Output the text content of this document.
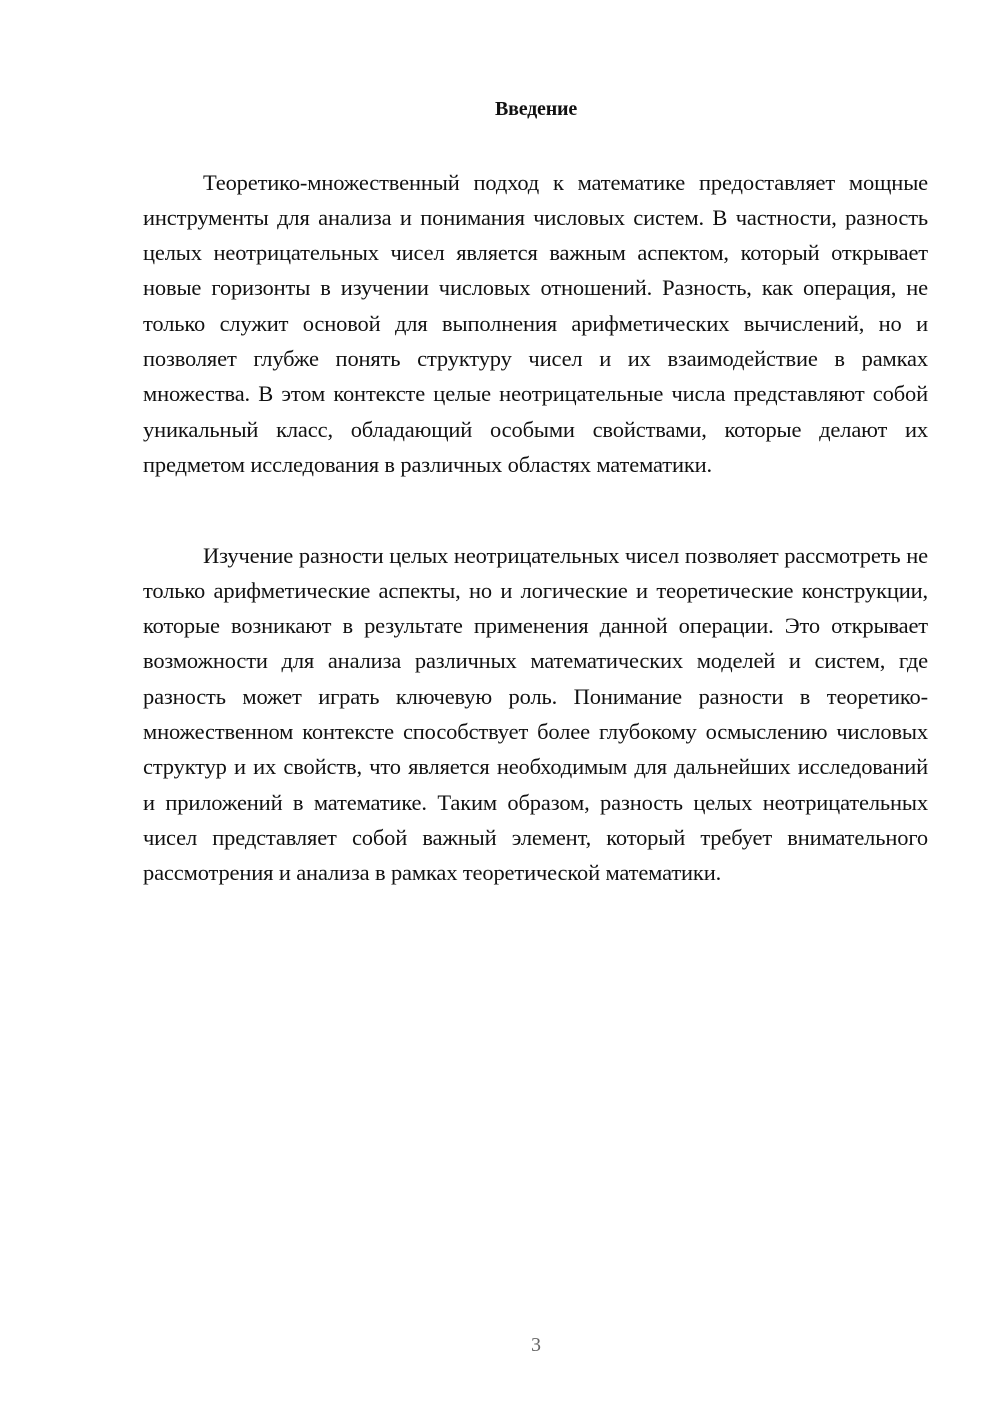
Введение

Теоретико-множественный подход к математике предоставляет мощные инструменты для анализа и понимания числовых систем. В частности, разность целых неотрицательных чисел является важным аспектом, который открывает новые горизонты в изучении числовых отношений. Разность, как операция, не только служит основой для выполнения арифметических вычислений, но и позволяет глубже понять структуру чисел и их взаимодействие в рамках множества. В этом контексте целые неотрицательные числа представляют собой уникальный класс, обладающий особыми свойствами, которые делают их предметом исследования в различных областях математики.

Изучение разности целых неотрицательных чисел позволяет рассмотреть не только арифметические аспекты, но и логические и теоретические конструкции, которые возникают в результате применения данной операции. Это открывает возможности для анализа различных математических моделей и систем, где разность может играть ключевую роль. Понимание разности в теоретико-множественном контексте способствует более глубокому осмыслению числовых структур и их свойств, что является необходимым для дальнейших исследований и приложений в математике. Таким образом, разность целых неотрицательных чисел представляет собой важный элемент, который требует внимательного рассмотрения и анализа в рамках теоретической математики.

3
